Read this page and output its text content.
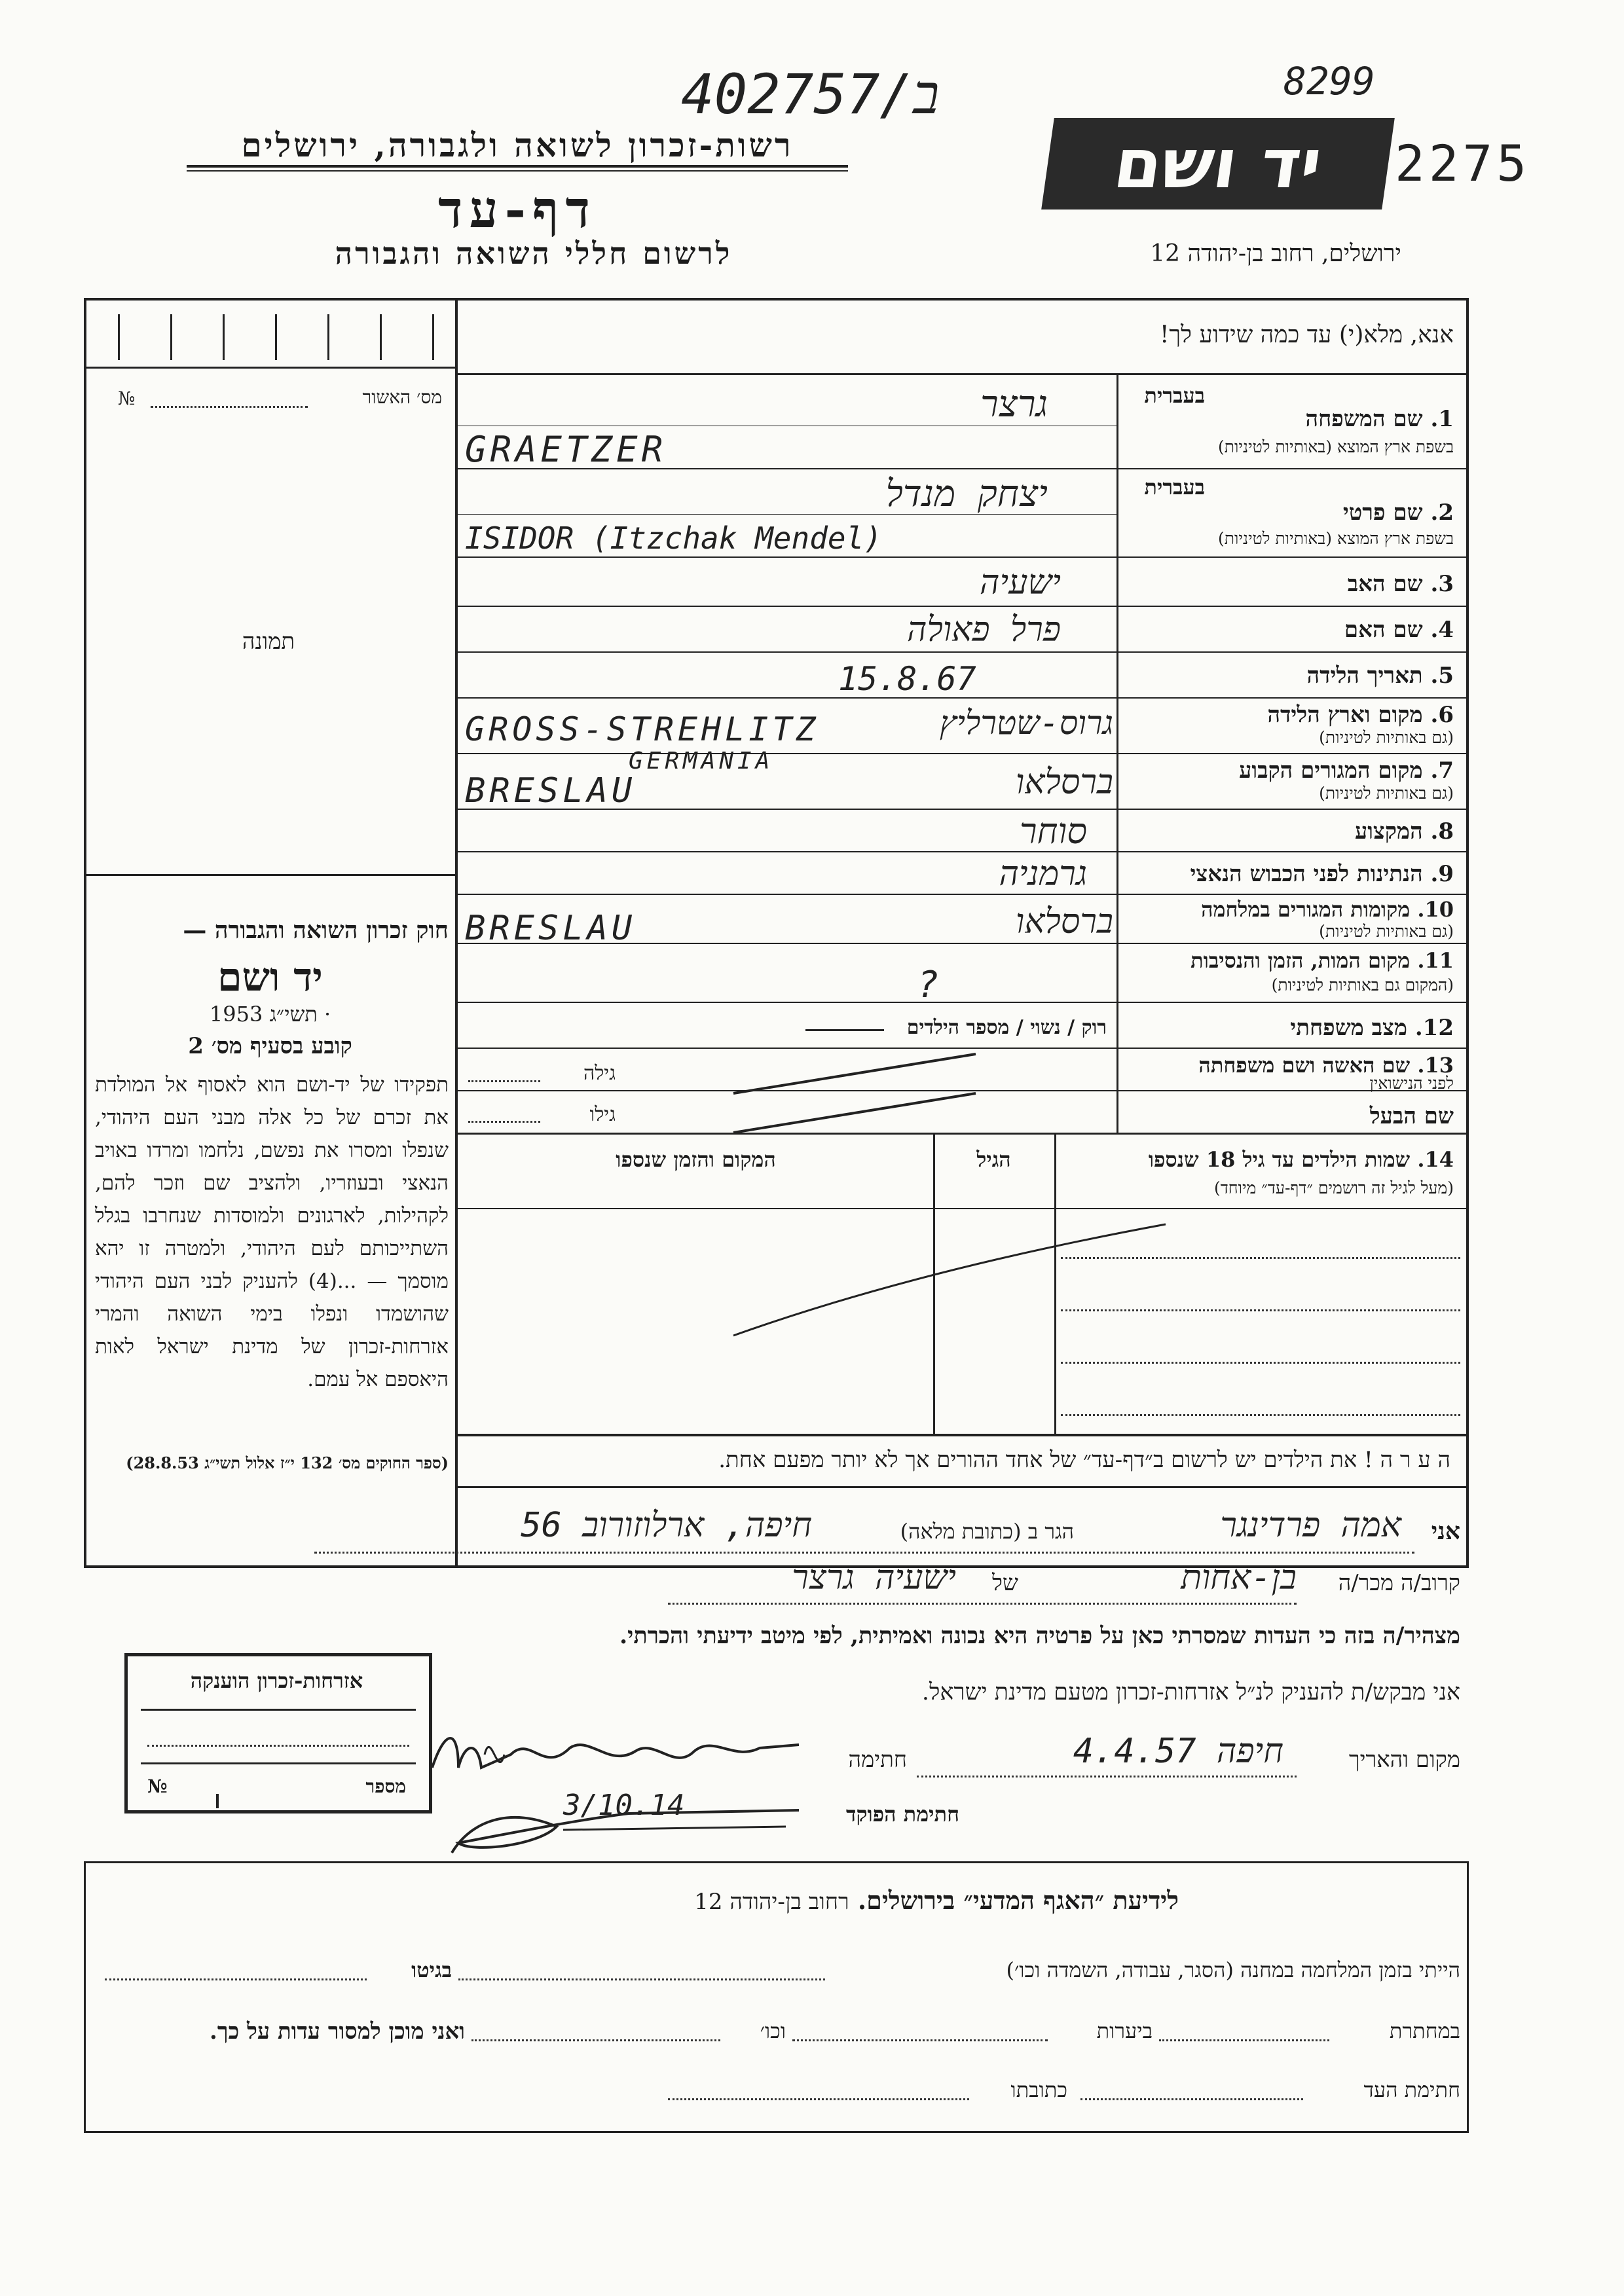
402757/ב	8299
רשות-זכרון לשואה ולגבורה, ירושלים
דף-עד
לרשום חללי השואה והגבורה
יד ושם	2275
ירושלים, רחוב בן-יהודה 12
אנא, מלא(י) עד כמה שידוע לך!
מס׳ האשור
№
תמונה
חוק זכרון השואה והגבורה —
יד ושם
· תשי״ג 1953
קובע בסעיף מס׳ 2
תפקידו של יד-ושם הוא לאסוף אל המולדת את זכרם של כל אלה מבני העם היהודי, שנפלו ומסרו את נפשם, נלחמו ומרדו באויב הנאצי ובעוזריו, ולהציב שם וזכר להם, לקהילות, לארגונים ולמוסדות שנחרבו בגלל השתייכותם לעם היהודי, ולמטרה זו יהא מוסמך — ...(4) להעניק לבני העם היהודי שהושמדו ונפלו בימי השואה והמרי אזרחות-זכרון של מדינת ישראל לאות היאספם אל עמם.
(ספר החוקים מס׳ 132 י״ז אלול תשי״ג 28.8.53)
בעברית
1. שם המשפחה
בשפת ארץ המוצא (באותיות לטיניות)
גרצר
GRAETZER
בעברית
2. שם פרטי
בשפת ארץ המוצא (באותיות לטיניות)
יצחק מנדל
ISIDOR (Itzchak Mendel)
3. שם האב
ישעיה
4. שם האם
פרל פאולה
5. תאריך הלידה
15.8.67
6. מקום וארץ הלידה
(גם באותיות לטיניות)
GROSS-STREHLITZ	גרוס-שטרליץ
7. מקום המגורים הקבוע
(גם באותיות לטיניות)
GERMANIA
BRESLAU	ברסלאו
8. המקצוע
סוחר
9. הנתינות לפני הכבוש הנאצי
גרמניה
10. מקומות המגורים במלחמה
(גם באותיות לטיניות)
BRESLAU	ברסלאו
11. מקום המות, הזמן והנסיבות
(המקום גם באותיות לטיניות)
?
12. מצב משפחתי
רוק / נשוי / מספר הילדים
13. שם האשה ושם משפחתה
לפני הנישואין
גילה
שם הבעל
גילו
14. שמות הילדים עד גיל 18 שנספו
(מעל לגיל זה רושמים ״דף-עד״ מיוחד)
הגיל
המקום והזמן שנספו
ה ע ר ה ! את הילדים יש לרשום ב״דף-עד״ של אחד ההורים אך לא יותר מפעם אחת.
אני
אמה פרדינגר
הגר ב (כתובת מלאה)
חיפה, ארלוזורוב 56
קרוב/ה מכר/ה
בן-אחות
של
ישעיה גרצר
מצהיר/ה בזה כי העדות שמסרתי כאן על פרטיה היא נכונה ואמיתית, לפי מיטב ידיעתי והכרתי.
אני מבקש/ת להעניק לנ״ל אזרחות-זכרון מטעם מדינת ישראל.
מקום והאריך
חיפה 4.4.57
חתימה
חתימת הפוקד
3/10.14
אזרחות-זכרון הוענקה
מספר
№
לידיעת ״האגף המדעי״ בירושלים. רחוב בן-יהודה 12
הייתי בזמן המלחמה במחנה (הסגר, עבודה, השמדה וכו׳)
בגיטו
במחתרת
ביערות
וכו׳
ואני מוכן למסור עדות על כך.
חתימת העד
כתובתו
